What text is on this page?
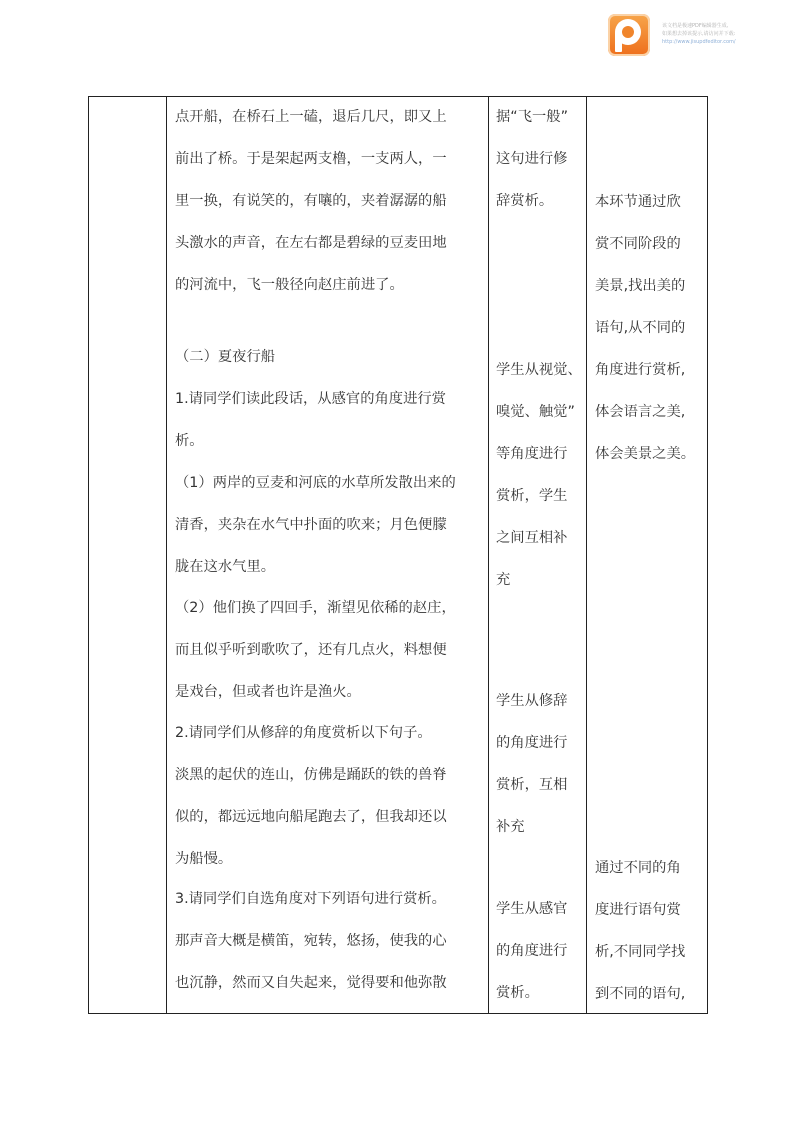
该文档是极速PDF编辑器生成,
如果想去掉该提示,请访问并下载:
http://www.jisupdfeditor.com/

点开船，在桥石上一磕，退后几尺，即又上

前出了桥。于是架起两支橹，一支两人，一

里一换，有说笑的，有嚷的，夹着潺潺的船

头激水的声音，在左右都是碧绿的豆麦田地

的河流中，飞一般径向赵庄前进了。

（二）夏夜行船

1.请同学们读此段话，从感官的角度进行赏

析。

（1）两岸的豆麦和河底的水草所发散出来的

清香，夹杂在水气中扑面的吹来；月色便朦

胧在这水气里。

（2）他们换了四回手，渐望见依稀的赵庄，

而且似乎听到歌吹了，还有几点火，料想便

是戏台，但或者也许是渔火。

2.请同学们从修辞的角度赏析以下句子。

淡黑的起伏的连山，仿佛是踊跃的铁的兽脊

似的，都远远地向船尾跑去了，但我却还以

为船慢。

3.请同学们自选角度对下列语句进行赏析。

那声音大概是横笛，宛转，悠扬，使我的心

也沉静，然而又自失起来，觉得要和他弥散

据“飞一般”

这句进行修

辞赏析。

学生从视觉、

嗅觉、触觉”

等角度进行

赏析，学生

之间互相补

充

学生从修辞

的角度进行

赏析，互相

补充

学生从感官

的角度进行

赏析。

本环节通过欣

赏不同阶段的

美景,找出美的

语句,从不同的

角度进行赏析,

体会语言之美,

体会美景之美。

通过不同的角

度进行语句赏

析,不同同学找

到不同的语句,
